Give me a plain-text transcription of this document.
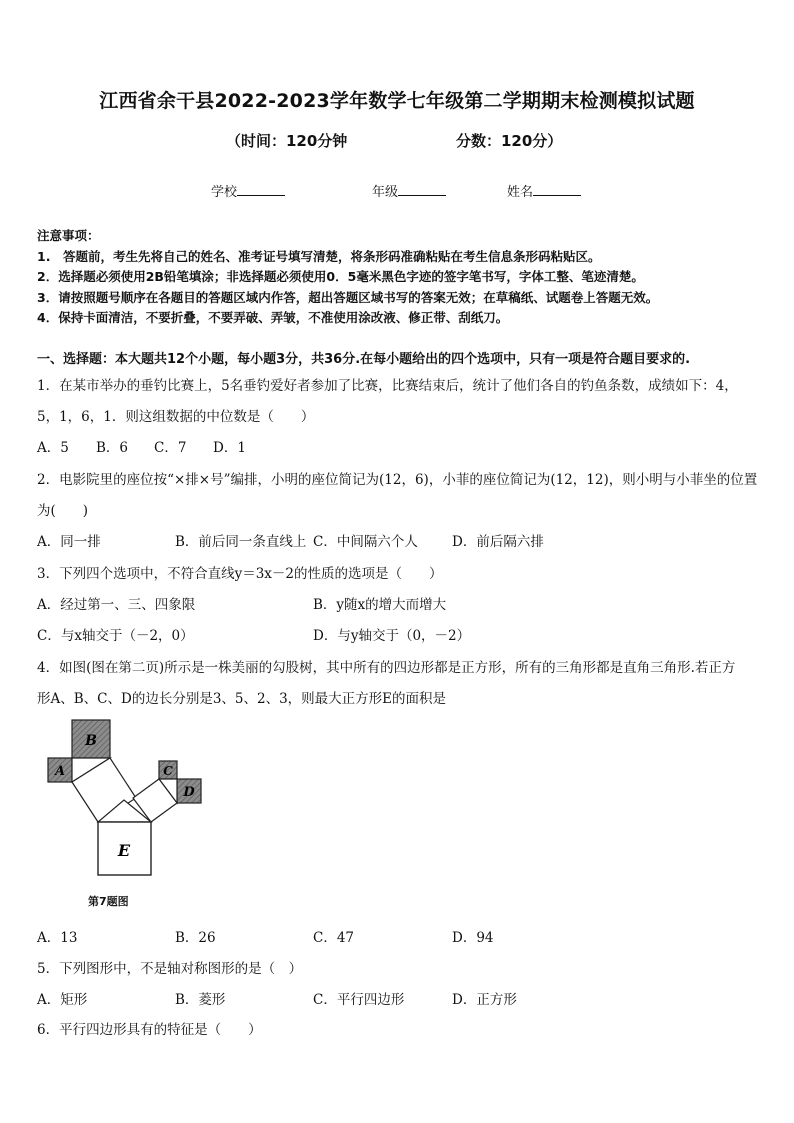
江西省余干县2022-2023学年数学七年级第二学期期末检测模拟试题
（时间：120分钟	分数：120分）
学校	年级	姓名
注意事项：
1.　答题前，考生先将自己的姓名、准考证号填写清楚，将条形码准确粘贴在考生信息条形码粘贴区。
2．选择题必须使用2B铅笔填涂；非选择题必须使用0．5毫米黑色字迹的签字笔书写，字体工整、笔迹清楚。
3．请按照题号顺序在各题目的答题区域内作答，超出答题区域书写的答案无效；在草稿纸、试题卷上答题无效。
4．保持卡面清洁，不要折叠，不要弄破、弄皱，不准使用涂改液、修正带、刮纸刀。
一、选择题：本大题共12个小题，每小题3分，共36分.在每小题给出的四个选项中，只有一项是符合题目要求的.
1．在某市举办的垂钓比赛上，5名垂钓爱好者参加了比赛，比赛结束后，统计了他们各自的钓鱼条数，成绩如下：4，
5，1，6，1．则这组数据的中位数是（　　）
A．5 B．6 C．7 D．1
2．电影院里的座位按“×排×号”编排，小明的座位简记为(12，6)，小菲的座位简记为(12，12)，则小明与小菲坐的位置
为(　　)
A．同一排	B．前后同一条直线上 C．中间隔六个人	D．前后隔六排
3．下列四个选项中，不符合直线y＝3x－2的性质的选项是（　　）
A．经过第一、三、四象限	B．y随x的增大而增大
C．与x轴交于（－2，0）	D．与y轴交于（0，－2）
4．如图(图在第二页)所示是一株美丽的勾股树，其中所有的四边形都是正方形，所有的三角形都是直角三角形.若正方
形A、B、C、D的边长分别是3、5、2、3，则最大正方形E的面积是
B
A	C
D
E
第7题图
A．13	B．26	C．47	D．94
5．下列图形中，不是轴对称图形的是（　）
A．矩形	B．菱形	C．平行四边形	D．正方形
6．平行四边形具有的特征是（　　）
